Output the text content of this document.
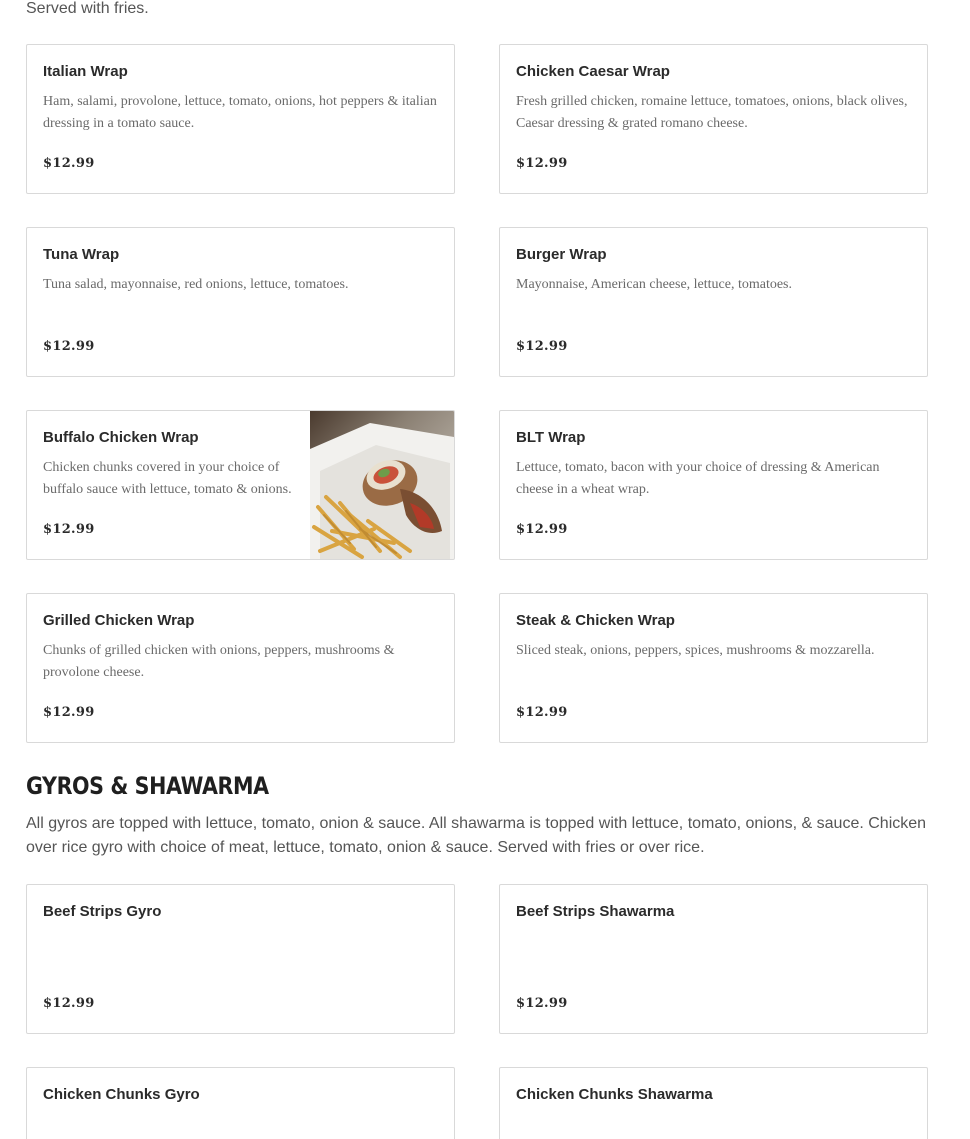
Served with fries.
Italian Wrap
Ham, salami, provolone, lettuce, tomato, onions, hot peppers & italian dressing in a tomato sauce.
$12.99
Chicken Caesar Wrap
Fresh grilled chicken, romaine lettuce, tomatoes, onions, black olives, Caesar dressing & grated romano cheese.
$12.99
Tuna Wrap
Tuna salad, mayonnaise, red onions, lettuce, tomatoes.
$12.99
Burger Wrap
Mayonnaise, American cheese, lettuce, tomatoes.
$12.99
Buffalo Chicken Wrap
Chicken chunks covered in your choice of buffalo sauce with lettuce, tomato & onions.
$12.99
BLT Wrap
Lettuce, tomato, bacon with your choice of dressing & American cheese in a wheat wrap.
$12.99
Grilled Chicken Wrap
Chunks of grilled chicken with onions, peppers, mushrooms & provolone cheese.
$12.99
Steak & Chicken Wrap
Sliced steak, onions, peppers, spices, mushrooms & mozzarella.
$12.99
GYROS & SHAWARMA

All gyros are topped with lettuce, tomato, onion & sauce. All shawarma is topped with lettuce, tomato, onions, & sauce. Chicken over rice gyro with choice of meat, lettuce, tomato, onion & sauce. Served with fries or over rice.

Beef Strips Gyro
$12.99
Beef Strips Shawarma
$12.99
Chicken Chunks Gyro	Chicken Chunks Shawarma
